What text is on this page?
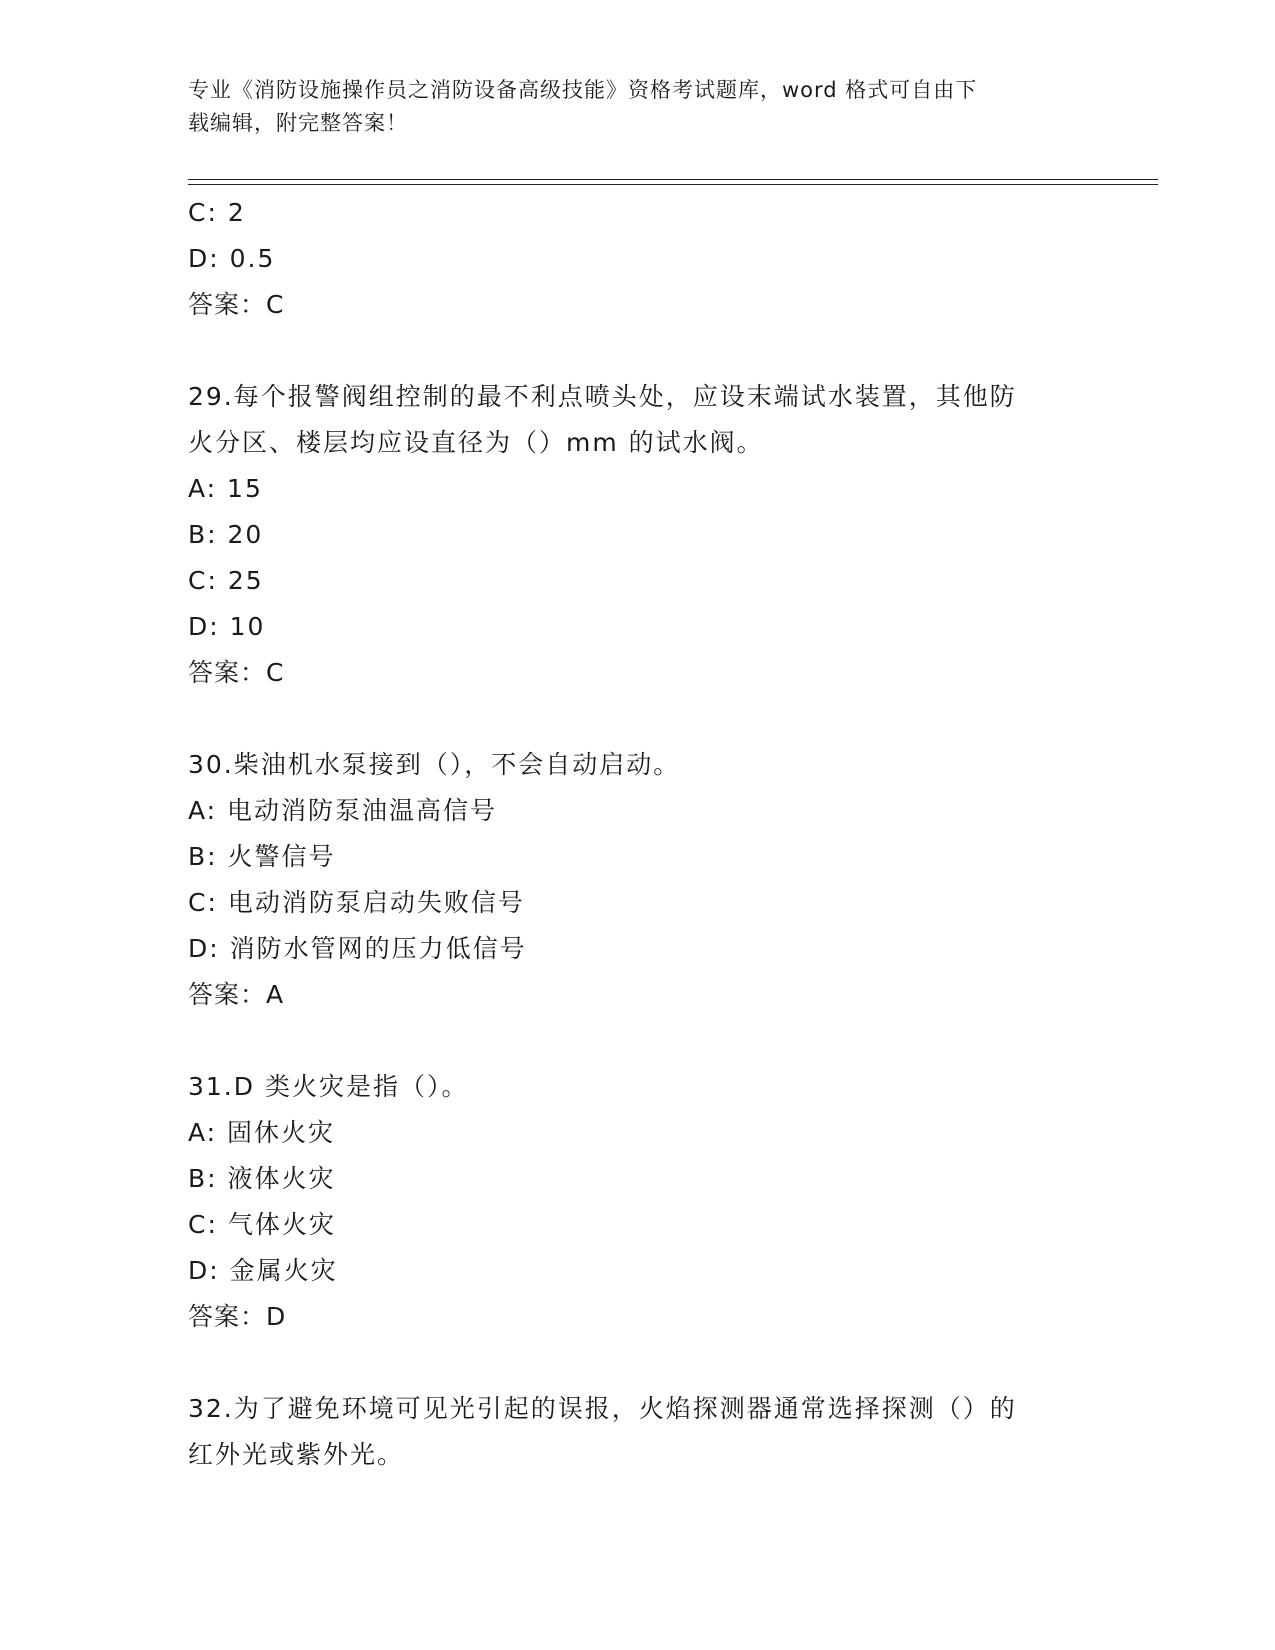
专业《消防设施操作员之消防设备高级技能》资格考试题库，word 格式可自由下
载编辑，附完整答案！
C: 2
D: 0.5
答案：C
29.每个报警阀组控制的最不利点喷头处，应设末端试水装置，其他防
火分区、楼层均应设直径为（）mm 的试水阀。
A: 15
B: 20
C: 25
D: 10
答案：C
30.柴油机水泵接到（），不会自动启动。
A: 电动消防泵油温高信号
B: 火警信号
C: 电动消防泵启动失败信号
D: 消防水管网的压力低信号
答案：A
31.D 类火灾是指（）。
A: 固休火灾
B: 液体火灾
C: 气体火灾
D: 金属火灾
答案：D
32.为了避免环境可见光引起的误报，火焰探测器通常选择探测（）的
红外光或紫外光。
